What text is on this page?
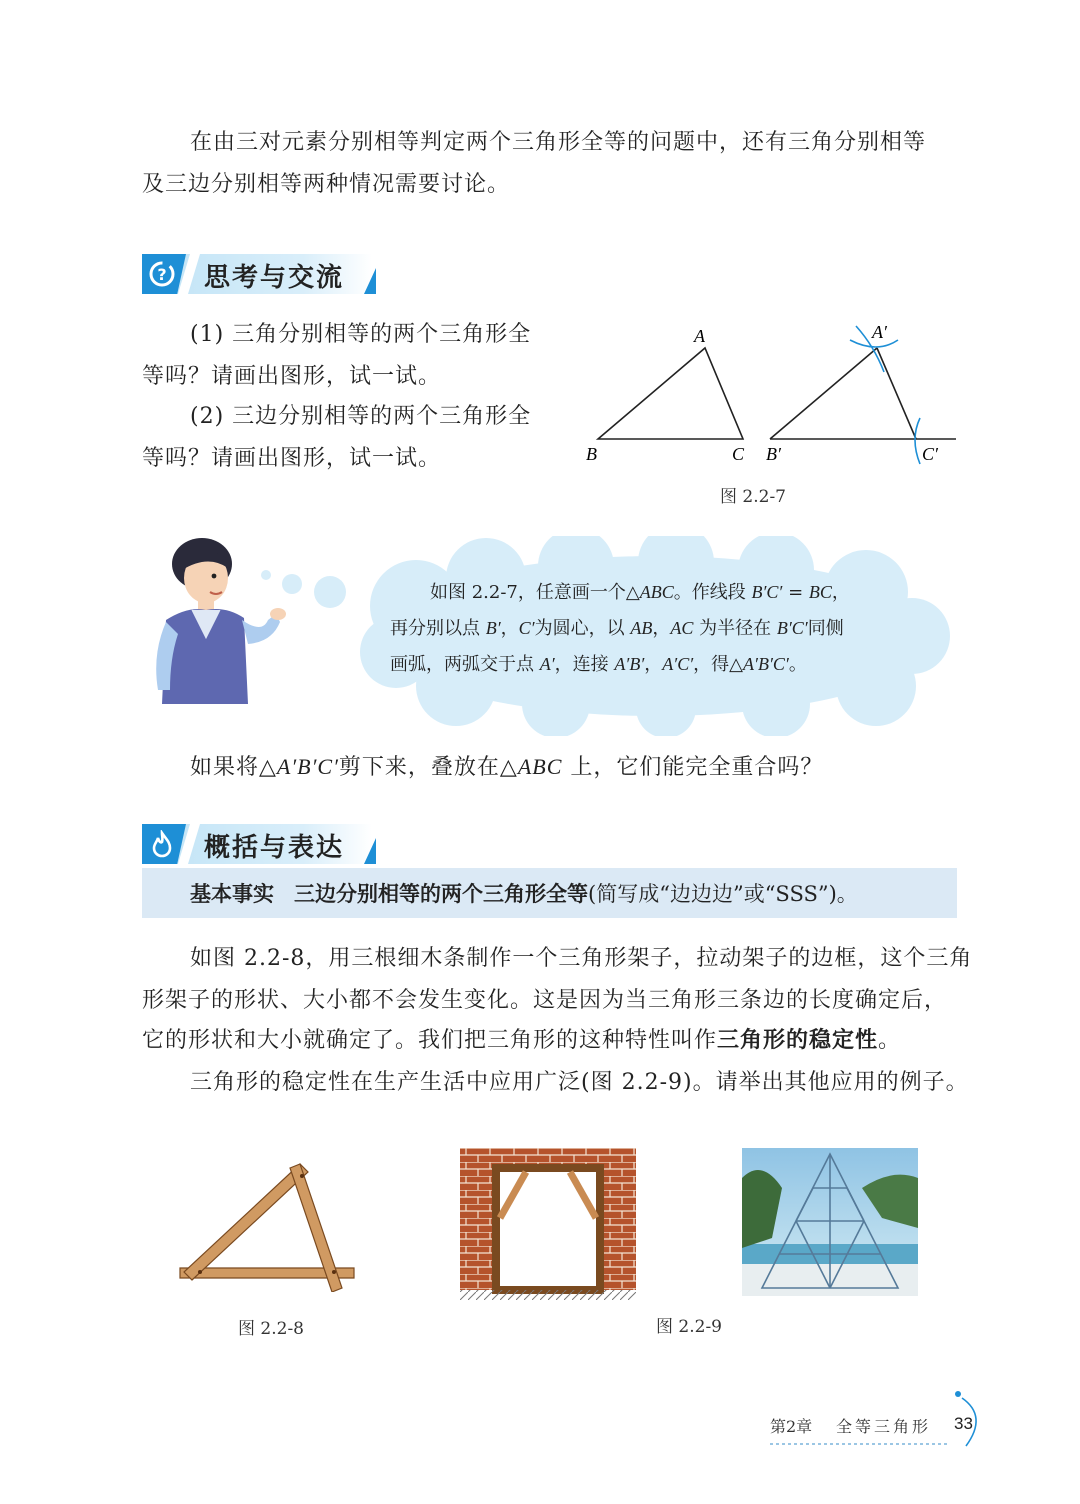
在由三对元素分别相等判定两个三角形全等的问题中，还有三角分别相等
及三边分别相等两种情况需要讨论。
? 思考与交流
(1) 三角分别相等的两个三角形全
等吗？请画出图形，试一试。
(2) 三边分别相等的两个三角形全
等吗？请画出图形，试一试。
A
B	C
A′
B′	C′
图 2.2-7
如图 2.2-7，任意画一个△ABC。作线段 B′C′ = BC，
再分别以点 B′，C′为圆心，以 AB，AC 为半径在 B′C′同侧
画弧，两弧交于点 A′，连接 A′B′，A′C′，得△A′B′C′。
如果将△A′B′C′剪下来，叠放在△ABC 上，它们能完全重合吗？
概括与表达
基本事实 三边分别相等的两个三角形全等(简写成“边边边”或“SSS”)。
如图 2.2-8，用三根细木条制作一个三角形架子，拉动架子的边框，这个三角
形架子的形状、大小都不会发生变化。这是因为当三角形三条边的长度确定后，
它的形状和大小就确定了。我们把三角形的这种特性叫作三角形的稳定性。
三角形的稳定性在生产生活中应用广泛(图 2.2-9)。请举出其他应用的例子。
图 2.2-8	图 2.2-9
第2章 全等三角形 33
